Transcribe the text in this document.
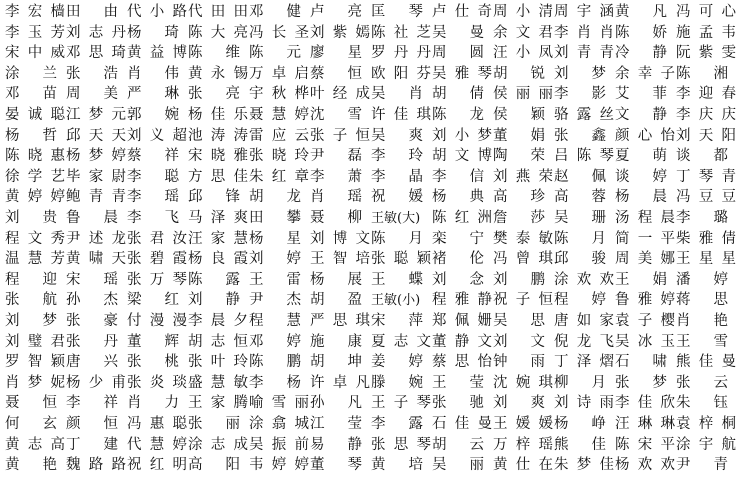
李宏樯 田由 代小路 代田田 邓健 卢亮 匡琴 卢仕奇 周小清 周宇涵 黄凡 冯可心
李玉芳 刘志丹 杨琦 陈大亮 冯长圣 刘紫嫣 陈社芝 吴曼 余文君 李肖肖 陈娇 施孟韦
宋中威 邓思琦 黄益博 陈维 陈元 廖星 罗丹丹 周圆 汪小凤 刘青青 冷静 阮紫雯
涂兰 张浩 肖伟 黄永锡 万卓启 蔡恒 欧阳芬 吴雅琴 胡锐 刘梦 余幸子 陈湘
邓苗 周美 严琳 张亮 宇秋桦 叶经成 吴肖 胡倩 侯丽丽 李影 艾菲 李迎春
晏诚聪 江梦元 郭婉 杨佳乐 聂慧婷 沈雪 许佳琪 陈龙 侯颖 骆露丝 文静 李庆庆
杨哲 邱天天 刘义超 池涛涛 雷应云 张子恒 吴爽 刘小梦 董娟 张鑫 颜心怡 刘天阳
陈晓惠 杨梦婷 蔡祥 宋晓雅 张晓玲 尹磊 李玲 胡文博 陶荣 吕陈琴 夏萌 谈都
徐学艺 毕家尉 李聪 方思佳 朱红章 李萧 李晶 李信 刘燕荣 赵佩 谈婷 丁琴青
黄婷婷 鲍青青 李瑶 邱锋 胡龙 肖瑶 祝媛 杨典 高珍 高蓉 杨晨 冯豆豆
刘贵 鲁晨 李飞 马泽爽 田攀 聂柳 王敏(大) 陈红洲 詹莎 吴珊 汤程晨 李璐
程文秀 尹述龙 张君汝 汪家慧 杨星 刘博文 陈月 栾宁 樊泰敏 陈月 简一平 柴雅倩
温慧芳 黄啸天 张碧霞 杨良霞 刘婷 王智培 张聪颖 褚伦 冯曾琪 邱骏 周美娜 王星星
程迎 宋瑶 张万琴 陈露 王雷 杨展 王蝶 刘念 刘鹏 涂欢欢 王娟 潘婷
张航 孙杰 梁红 刘静 尹杰 胡盈 王敏(小) 程雅静 祝子恒 程婷 鲁雅婷 蒋思
刘梦 张豪 付漫漫 李晨夕 程慧 严思琪 宋萍 郑佩姗 吴思 唐如家 袁子樱 肖艳
刘璧君 张丹 董辉 胡志恒 邓婷 施康 夏志文 董静文 刘文 倪龙飞 吴冰玉 王雪
罗智颖 唐兴 张桃 张叶玲 陈鹏 胡坤 姜婷 蔡思怡 钟雨 丁泽熠 石啸 熊佳曼
肖梦妮 杨少甫 张炎琰 盛慧敏 李杨 许卓凡 滕婉 王莹 沈婉琪 柳月 张梦 张云
聂恒 李祥 肖力 王家腾 喻雪丽 孙凡 王子琴 张驰 刘爽 刘诗雨 李佳欣 朱钰
何玄 颜恒 冯惠聪 张丽 涂翕城 江莹 李露 石佳曼 王媛媛 杨峥 汪琳琳 袁梓桐
黄志高 丁建 代慧婷 涂志成 吴振前 易静 张思琴 胡云 万梓瑶 熊佳 陈宋平 涂宇航
黄艳 魏路路 祝红明 高阳 韦婷婷 董琴 黄培 吴丽 黄仕在 朱梦佳 杨欢欢 尹青
